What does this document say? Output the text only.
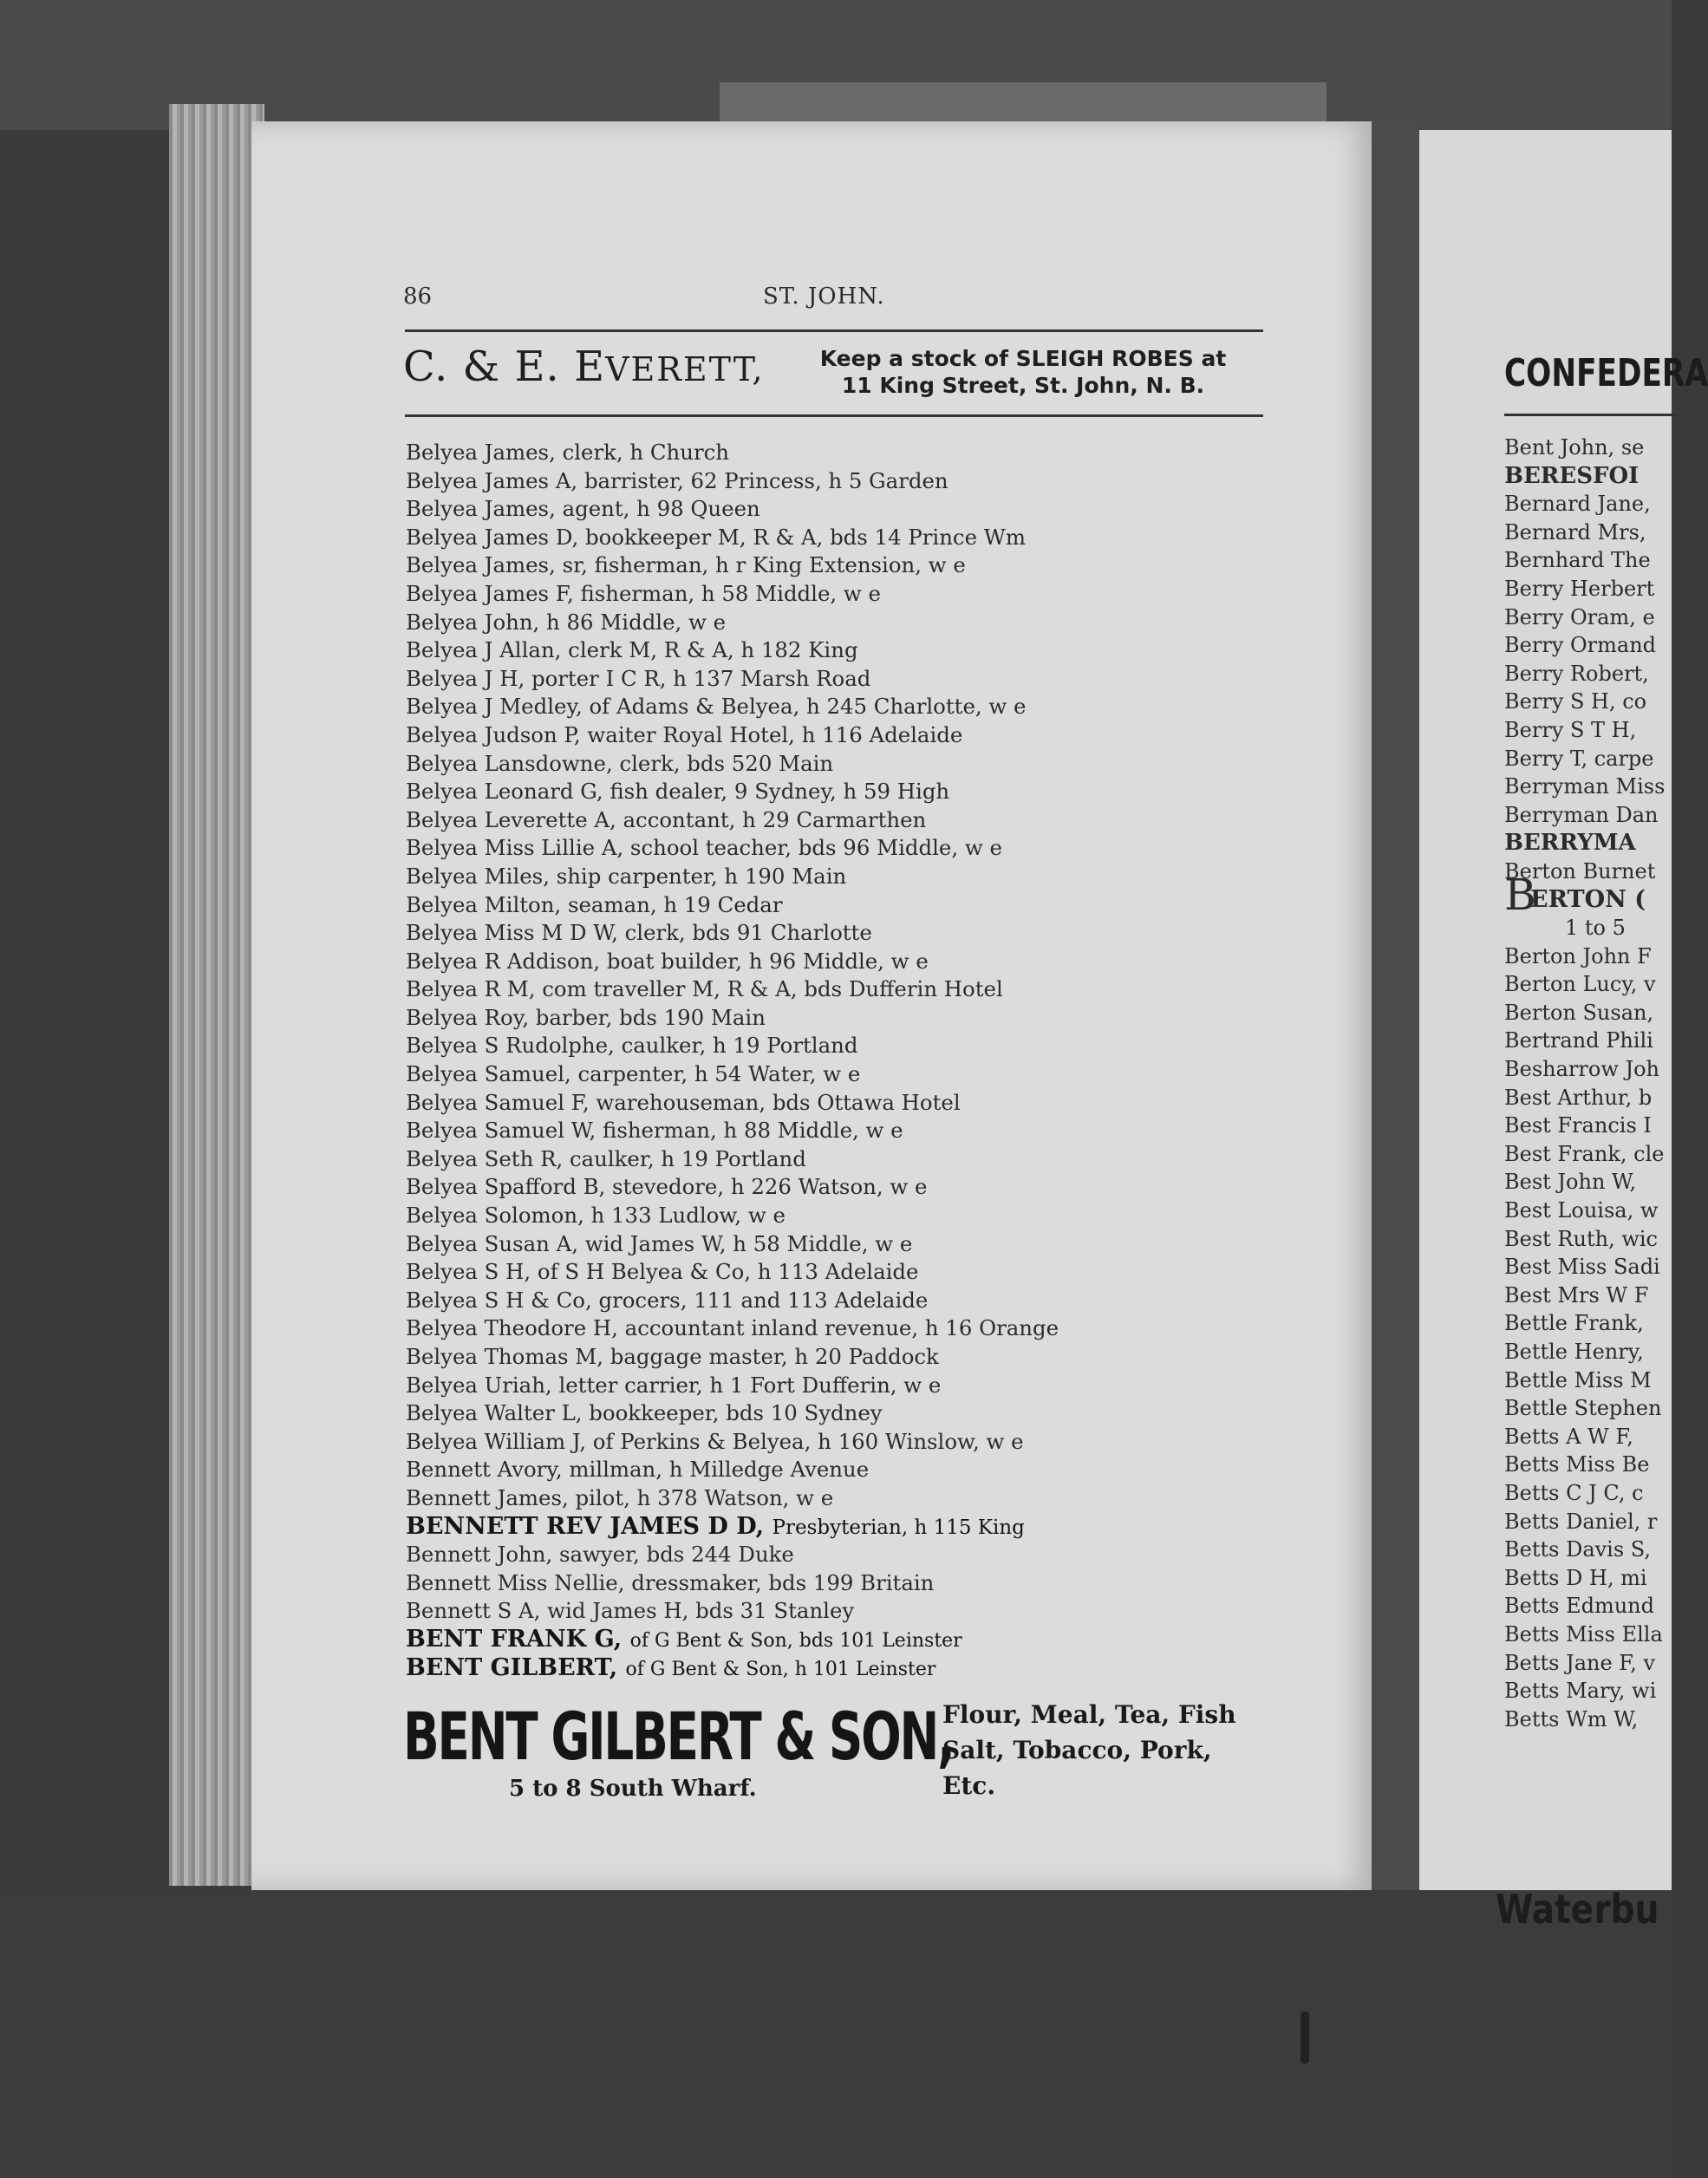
CONFEDERA
Bent John, se
BERESFOI
Bernard Jane,
Bernard Mrs,
Bernhard The
Berry Herbert
Berry Oram, e
Berry Ormand
Berry Robert,
Berry S H, co
Berry S T H,
Berry T, carpe
Berryman Miss
Berryman Dan
BERRYMA
Berton Burnet
B
ERTON (
1 to 5
Berton John F
Berton Lucy, v
Berton Susan,
Bertrand Phili
Besharrow Joh
Best Arthur, b
Best Francis I
Best Frank, cle
Best John W,
Best Louisa, w
Best Ruth, wic
Best Miss Sadi
Best Mrs W F
Bettle Frank,
Bettle Henry,
Bettle Miss M
Bettle Stephen
Betts A W F,
Betts Miss Be
Betts C J C, c
Betts Daniel, r
Betts Davis S,
Betts D H, mi
Betts Edmund
Betts Miss Ella
Betts Jane F, v
Betts Mary, wi
Betts Wm W,
Waterbu
86	ST. JOHN.
C. & E. EVERETT,	Keep a stock of SLEIGH ROBES at
11 King Street, St. John, N. B.
Belyea James, clerk, h Church
Belyea James A, barrister, 62 Princess, h 5 Garden
Belyea James, agent, h 98 Queen
Belyea James D, bookkeeper M, R & A, bds 14 Prince Wm
Belyea James, sr, fisherman, h r King Extension, w e
Belyea James F, fisherman, h 58 Middle, w e
Belyea John, h 86 Middle, w e
Belyea J Allan, clerk M, R & A, h 182 King
Belyea J H, porter I C R, h 137 Marsh Road
Belyea J Medley, of Adams & Belyea, h 245 Charlotte, w e
Belyea Judson P, waiter Royal Hotel, h 116 Adelaide
Belyea Lansdowne, clerk, bds 520 Main
Belyea Leonard G, fish dealer, 9 Sydney, h 59 High
Belyea Leverette A, accontant, h 29 Carmarthen
Belyea Miss Lillie A, school teacher, bds 96 Middle, w e
Belyea Miles, ship carpenter, h 190 Main
Belyea Milton, seaman, h 19 Cedar
Belyea Miss M D W, clerk, bds 91 Charlotte
Belyea R Addison, boat builder, h 96 Middle, w e
Belyea R M, com traveller M, R & A, bds Dufferin Hotel
Belyea Roy, barber, bds 190 Main
Belyea S Rudolphe, caulker, h 19 Portland
Belyea Samuel, carpenter, h 54 Water, w e
Belyea Samuel F, warehouseman, bds Ottawa Hotel
Belyea Samuel W, fisherman, h 88 Middle, w e
Belyea Seth R, caulker, h 19 Portland
Belyea Spafford B, stevedore, h 226 Watson, w e
Belyea Solomon, h 133 Ludlow, w e
Belyea Susan A, wid James W, h 58 Middle, w e
Belyea S H, of S H Belyea & Co, h 113 Adelaide
Belyea S H & Co, grocers, 111 and 113 Adelaide
Belyea Theodore H, accountant inland revenue, h 16 Orange
Belyea Thomas M, baggage master, h 20 Paddock
Belyea Uriah, letter carrier, h 1 Fort Dufferin, w e
Belyea Walter L, bookkeeper, bds 10 Sydney
Belyea William J, of Perkins & Belyea, h 160 Winslow, w e
Bennett Avory, millman, h Milledge Avenue
Bennett James, pilot, h 378 Watson, w e
BENNETT REV JAMES D D, Presbyterian, h 115 King
Bennett John, sawyer, bds 244 Duke
Bennett Miss Nellie, dressmaker, bds 199 Britain
Bennett S A, wid James H, bds 31 Stanley
BENT FRANK G, of G Bent & Son, bds 101 Leinster
BENT GILBERT, of G Bent & Son, h 101 Leinster
BENT GILBERT & SON,
5 to 8 South Wharf.
Flour, Meal, Tea, Fish
Salt, Tobacco, Pork,
Etc.
